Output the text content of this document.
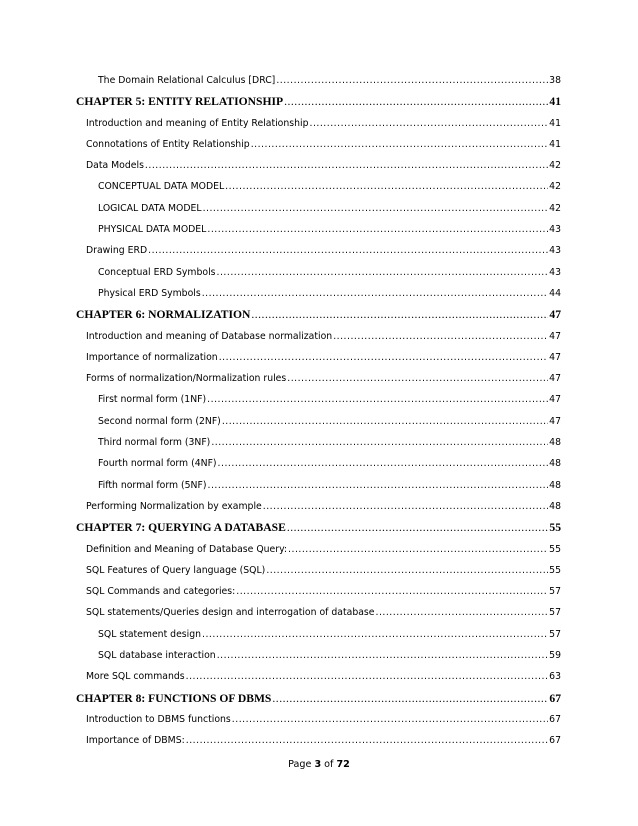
The Domain Relational Calculus [DRC] .....	38
CHAPTER 5: ENTITY RELATIONSHIP .....	41
Introduction and meaning of Entity Relationship .....	41
Connotations of Entity Relationship .....	41
Data Models .....	42
CONCEPTUAL DATA MODEL .....	42
LOGICAL DATA MODEL .....	42
PHYSICAL DATA MODEL .....	43
Drawing ERD .....	43
Conceptual ERD Symbols .....	43
Physical ERD Symbols .....	44
CHAPTER 6: NORMALIZATION .....	47
Introduction and meaning of Database normalization .....	47
Importance of normalization .....	47
Forms of normalization/Normalization rules .....	47
First normal form (1NF) .....	47
Second normal form (2NF) .....	47
Third normal form (3NF) .....	48
Fourth normal form (4NF) .....	48
Fifth normal form (5NF) .....	48
Performing Normalization by example .....	48
CHAPTER 7: QUERYING A DATABASE .....	55
Definition and Meaning of Database Query: .....	55
SQL Features of Query language (SQL) .....	55
SQL Commands and categories: .....	57
SQL statements/Queries design and interrogation of database .....	57
SQL statement design .....	57
SQL database interaction .....	59
More SQL commands .....	63
CHAPTER 8: FUNCTIONS OF DBMS .....	67
Introduction to DBMS functions .....	67
Importance of DBMS: .....	67
Page 3 of 72
